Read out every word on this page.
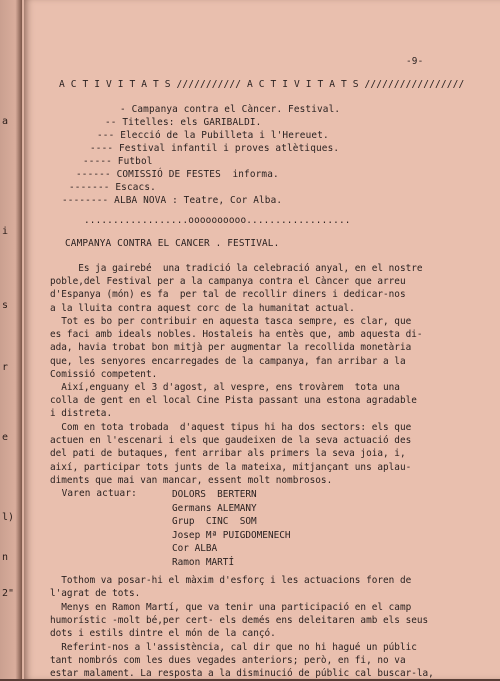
a
i
s
r
e
l)
n
2"
-9-
A C T I V I T A T S /////////// A C T I V I T A T S /////////////////
- Campanya contra el Càncer. Festival.
-- Titelles: els GARIBALDI.
--- Elecció de la Pubilleta i l'Hereuet.
---- Festival infantil i proves atlètiques.
----- Futbol
------ COMISSIÓ DE FESTES  informa.
------- Escacs.
-------- ALBA NOVA : Teatre, Cor Alba.
..................oooooooooo..................
CAMPANYA CONTRA EL CANCER . FESTIVAL.
Es ja gairebé  una tradició la celebració anyal, en el nostre
poble,del Festival per a la campanya contra el Càncer que arreu
d'Espanya (món) es fa  per tal de recollir diners i dedicar-nos
a la lluita contra aquest corc de la humanitat actual.
Tot es bo per contribuir en aquesta tasca sempre, es clar, que
es faci amb ideals nobles. Hostaleis ha entès que, amb aquesta di-
ada, havia trobat bon mitjà per augmentar la recollida monetària
que, les senyores encarregades de la campanya, fan arribar a la
Comissió competent.
Així,enguany el 3 d'agost, al vespre, ens trovàrem  tota una
colla de gent en el local Cine Pista passant una estona agradable
i distreta.
Com en tota trobada  d'aquest tipus hi ha dos sectors: els que
actuen en l'escenari i els que gaudeixen de la seva actuació des
del pati de butaques, fent arribar als primers la seva joia, i,
així, participar tots junts de la mateixa, mitjançant uns aplau-
diments que mai van mancar, essent molt nombrosos.
Varen actuar:	DOLORS  BERTERN
Germans ALEMANY
Grup  CINC  SOM
Josep Mª PUIGDOMENECH
Cor ALBA
Ramon MARTÍ
Tothom va posar-hi el màxim d'esforç i les actuacions foren de
l'agrat de tots.
Menys en Ramon Martí, que va tenir una participació en el camp
humorístic -molt bé,per cert- els demés ens deleitaren amb els seus
dots i estils dintre el món de la cançó.
Referint-nos a l'assistència, cal dir que no hi hagué un públic
tant nombrós com les dues vegades anteriors; però, en fi, no va
estar malament. La resposta a la disminució de públic cal buscar-la,
